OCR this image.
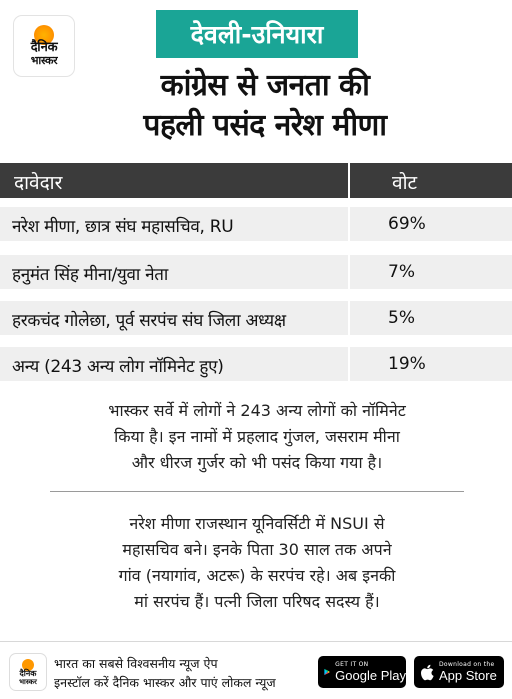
दैनिक
भास्कर
देवली-उनियारा
कांग्रेस से जनता की
पहली पसंद नरेश मीणा
दावेदार	वोट
नरेश मीणा, छात्र संघ महासचिव, RU	69%
हनुमंत सिंह मीना/युवा नेता	7%
हरकचंद गोलेछा, पूर्व सरपंच संघ जिला अध्यक्ष	5%
अन्य (243 अन्य लोग नॉमिनेट हुए)	19%
भास्कर सर्वे में लोगों ने 243 अन्य लोगों को नॉमिनेट
किया है। इन नामों में प्रहलाद गुंजल, जसराम मीना
और धीरज गुर्जर को भी पसंद किया गया है।
नरेश मीणा राजस्थान यूनिवर्सिटी में NSUI से
महासचिव बने। इनके पिता 30 साल तक अपने
गांव (नयागांव, अटरू) के सरपंच रहे। अब इनकी
मां सरपंच हैं। पत्नी जिला परिषद सदस्य हैं।
दैनिक
भास्कर
भारत का सबसे विश्वसनीय न्यूज ऐप
इनस्टॉल करें दैनिक भास्कर और पाएं लोकल न्यूज
GET IT ON
Google Play
Download on the
App Store
